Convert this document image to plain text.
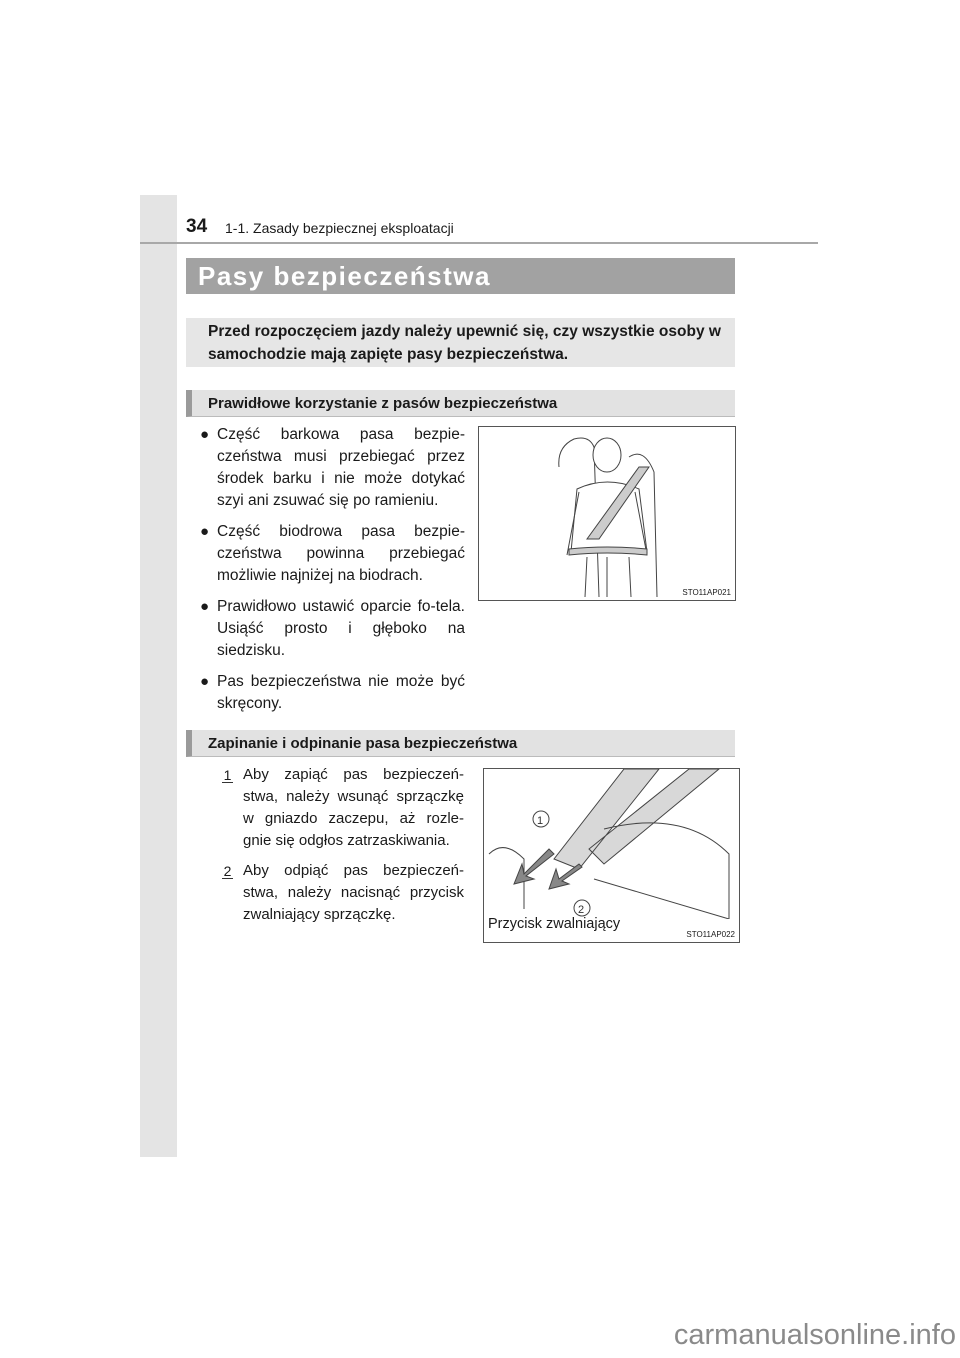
34 1-1. Zasady bezpiecznej eksploatacji
Pasy bezpieczeństwa
Przed rozpoczęciem jazdy należy upewnić się, czy wszystkie osoby w samochodzie mają zapięte pasy bezpieczeństwa.
Prawidłowe korzystanie z pasów bezpieczeństwa
● Część barkowa pasa bezpie-czeństwa musi przebiegać przez środek barku i nie może dotykać szyi ani zsuwać się po ramieniu.
● Część biodrowa pasa bezpie-czeństwa powinna przebiegać możliwie najniżej na biodrach.
● Prawidłowo ustawić oparcie fo-tela. Usiąść prosto i głęboko na siedzisku.
● Pas bezpieczeństwa nie może być skręcony.
STO11AP021
Zapinanie i odpinanie pasa bezpieczeństwa
1 Aby zapiąć pas bezpieczeń-stwa, należy wsunąć sprzączkę w gniazdo zaczepu, aż rozle-gnie się odgłos zatrzaskiwania.
2 Aby odpiąć pas bezpieczeń-stwa, należy nacisnąć przycisk zwalniający sprzączkę.
1
2
Przycisk zwalniający
STO11AP022
carmanualsonline.info
